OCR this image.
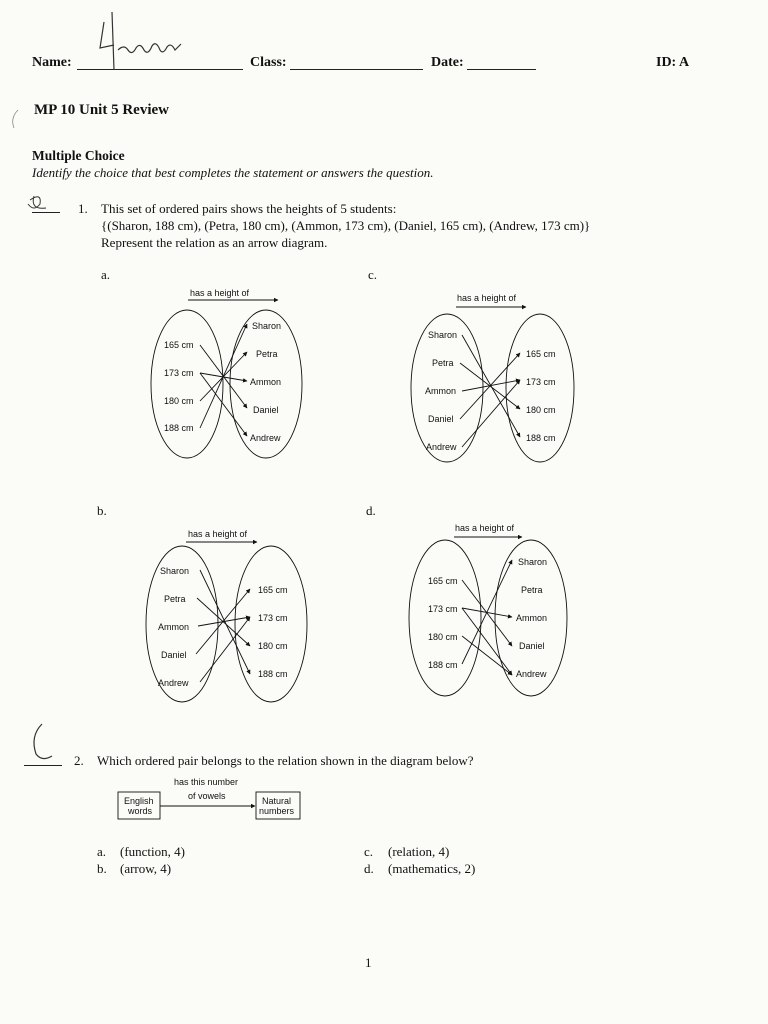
Name:	Class:	Date:	ID: A
MP 10 Unit 5 Review
Multiple Choice
Identify the choice that best completes the statement or answers the question.
1. This set of ordered pairs shows the heights of 5 students:
{(Sharon, 188 cm), (Petra, 180 cm), (Ammon, 173 cm), (Daniel, 165 cm), (Andrew, 173 cm)}
Represent the relation as an arrow diagram.
a.	c.
b.	d.
has a height of
165 cm
173 cm
180 cm
188 cm
Sharon
Petra
Ammon
Daniel
Andrew
has a height of
Sharon
Petra
Ammon
Daniel
Andrew
165 cm
173 cm
180 cm
188 cm
has a height of
Sharon
Petra
Ammon
Daniel
Andrew
165 cm
173 cm
180 cm
188 cm
has a height of
165 cm
173 cm
180 cm
188 cm
Sharon
Petra
Ammon
Daniel
Andrew
has this number
of vowels
English
words
Natural
numbers
2. Which ordered pair belongs to the relation shown in the diagram below?
a. (function, 4)
b. (arrow, 4)
c. (relation, 4)
d. (mathematics, 2)
1
